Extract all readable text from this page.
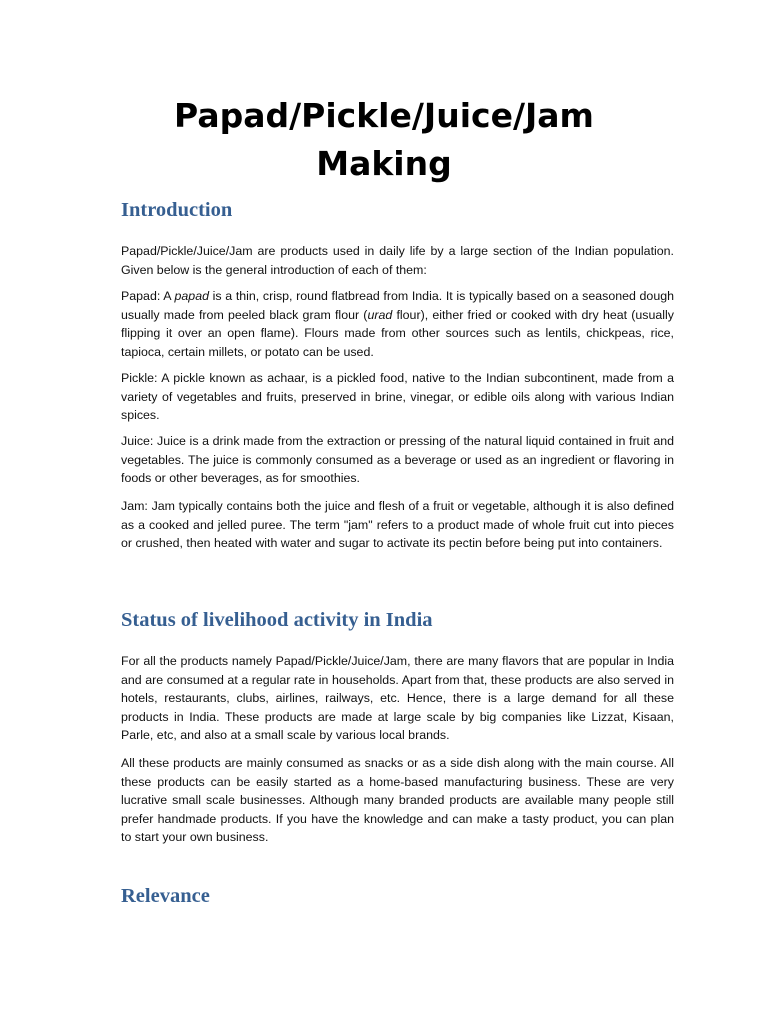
Papad/Pickle/Juice/Jam
Making
Introduction

Papad/Pickle/Juice/Jam are products used in daily life by a large section of the Indian population. Given below is the general introduction of each of them:

Papad: A papad is a thin, crisp, round flatbread from India. It is typically based on a seasoned dough usually made from peeled black gram flour (urad flour), either fried or cooked with dry heat (usually flipping it over an open flame). Flours made from other sources such as lentils, chickpeas, rice, tapioca, certain millets, or potato can be used.

Pickle: A pickle known as achaar, is a pickled food, native to the Indian subcontinent, made from a variety of vegetables and fruits, preserved in brine, vinegar, or edible oils along with various Indian spices.

Juice: Juice is a drink made from the extraction or pressing of the natural liquid contained in fruit and vegetables. The juice is commonly consumed as a beverage or used as an ingredient or flavoring in foods or other beverages, as for smoothies.

Jam: Jam typically contains both the juice and flesh of a fruit or vegetable, although it is also defined as a cooked and jelled puree. The term "jam" refers to a product made of whole fruit cut into pieces or crushed, then heated with water and sugar to activate its pectin before being put into containers.

Status of livelihood activity in India

For all the products namely Papad/Pickle/Juice/Jam, there are many flavors that are popular in India and are consumed at a regular rate in households. Apart from that, these products are also served in hotels, restaurants, clubs, airlines, railways, etc. Hence, there is a large demand for all these products in India. These products are made at large scale by big companies like Lizzat, Kisaan, Parle, etc, and also at a small scale by various local brands.

All these products are mainly consumed as snacks or as a side dish along with the main course. All these products can be easily started as a home-based manufacturing business. These are very lucrative small scale businesses. Although many branded products are available many people still prefer handmade products. If you have the knowledge and can make a tasty product, you can plan to start your own business.

Relevance
